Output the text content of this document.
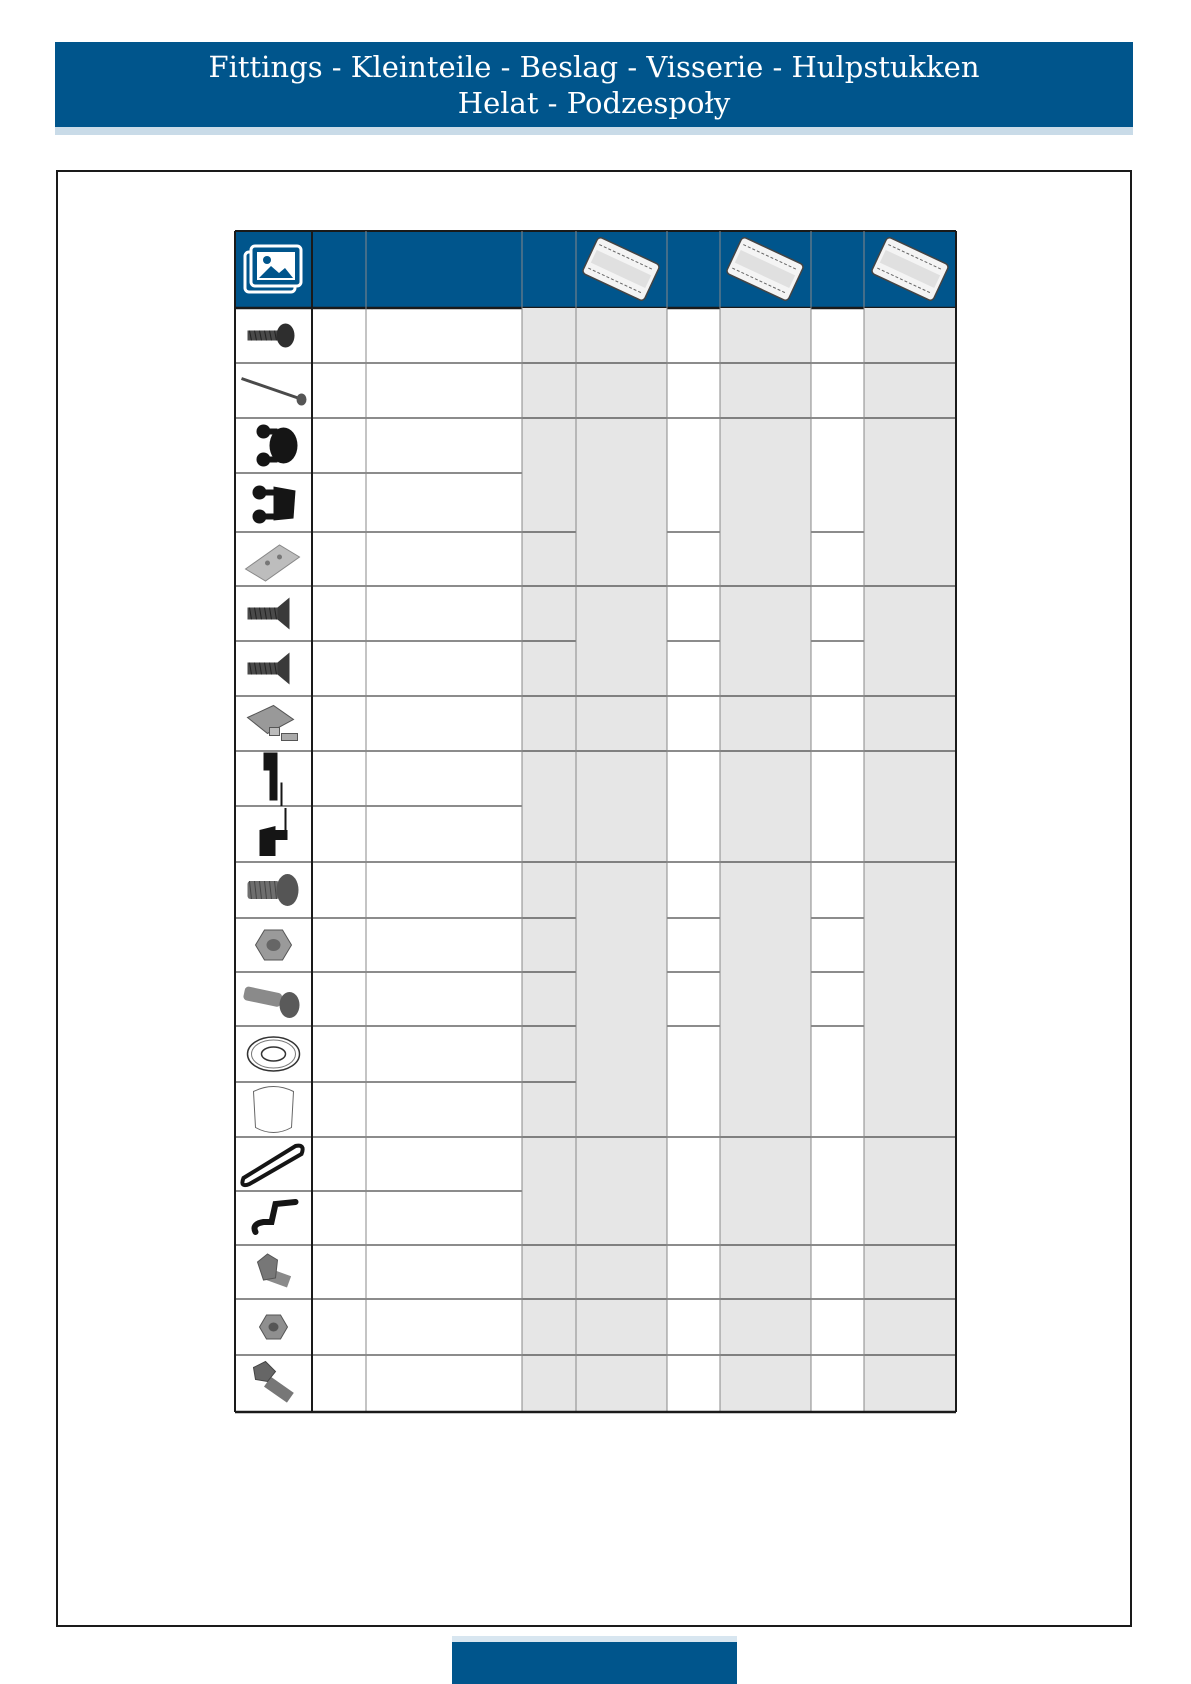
Fittings - Kleinteile - Beslag - Visserie - Hulpstukken
Helat - Podzespoły
